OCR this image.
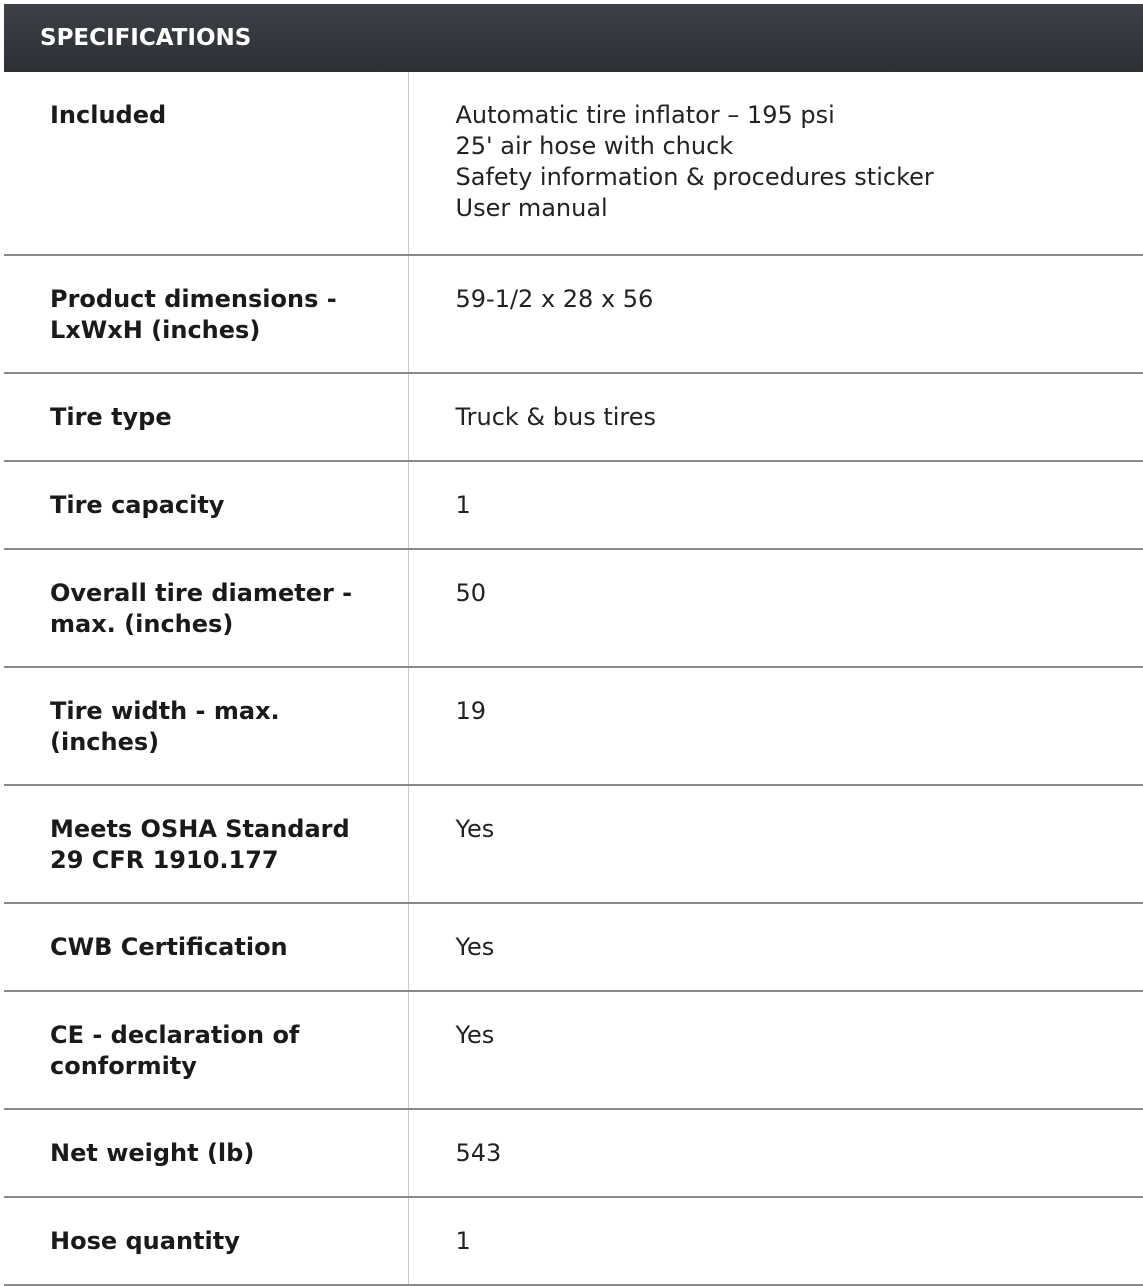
SPECIFICATIONS
Included	Automatic tire inflator – 195 psi
25' air hose with chuck
Safety information & procedures sticker
User manual

Product dimensions - LxWxH (inches)	59-1/2 x 28 x 56

Tire type	Truck & bus tires

Tire capacity	1

Overall tire diameter - max. (inches)	50

Tire width - max. (inches)	19

Meets OSHA Standard 29 CFR 1910.177	Yes

CWB Certification	Yes

CE - declaration of conformity	Yes

Net weight (lb)	543

Hose quantity	1
